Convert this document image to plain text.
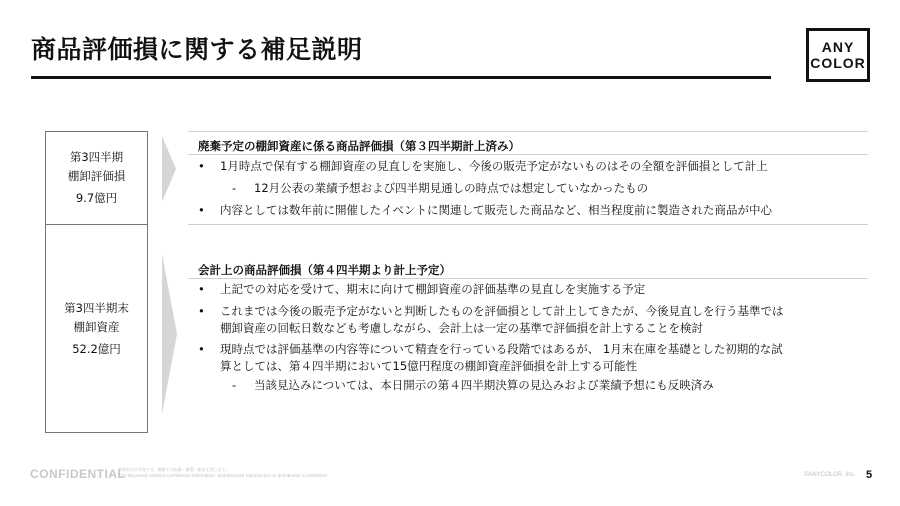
商品評価損に関する補足説明	ANY
COLOR
第3四半期
棚卸評価損
9.7億円
第3四半期末
棚卸資産
52.2億円
廃棄予定の棚卸資産に係る商品評価損（第３四半期計上済み）
• 1月時点で保有する棚卸資産の見直しを実施し、今後の販売予定がないものはその全額を評価損として計上
- 12月公表の業績予想および四半期見通しの時点では想定していなかったもの
• 内容としては数年前に開催したイベントに関連して販売した商品など、相当程度前に製造された商品が中心
会計上の商品評価損（第４四半期より計上予定）
• 上記での対応を受けて、期末に向けて棚卸資産の評価基準の見直しを実施する予定
• これまでは今後の販売予定がないと判断したものを評価損として計上してきたが、今後見直しを行う基準では
棚卸資産の回転日数なども考慮しながら、会計上は一定の基準で評価損を計上することを検討
• 現時点では評価基準の内容等について精査を行っている段階ではあるが、 1月末在庫を基礎とした初期的な試
算としては、第４四半期において15億円程度の棚卸資産評価損を計上する可能性
- 当該見込みについては、本日開示の第４四半期決算の見込みおよび業績予想にも反映済み
CONFIDENTIAL
本資料は社外秘です。無断での転載・複製・配布を禁じます。
This document contains confidential information. Unauthorized reproduction or distribution is prohibited.	©ANYCOLOR, Inc. 5
